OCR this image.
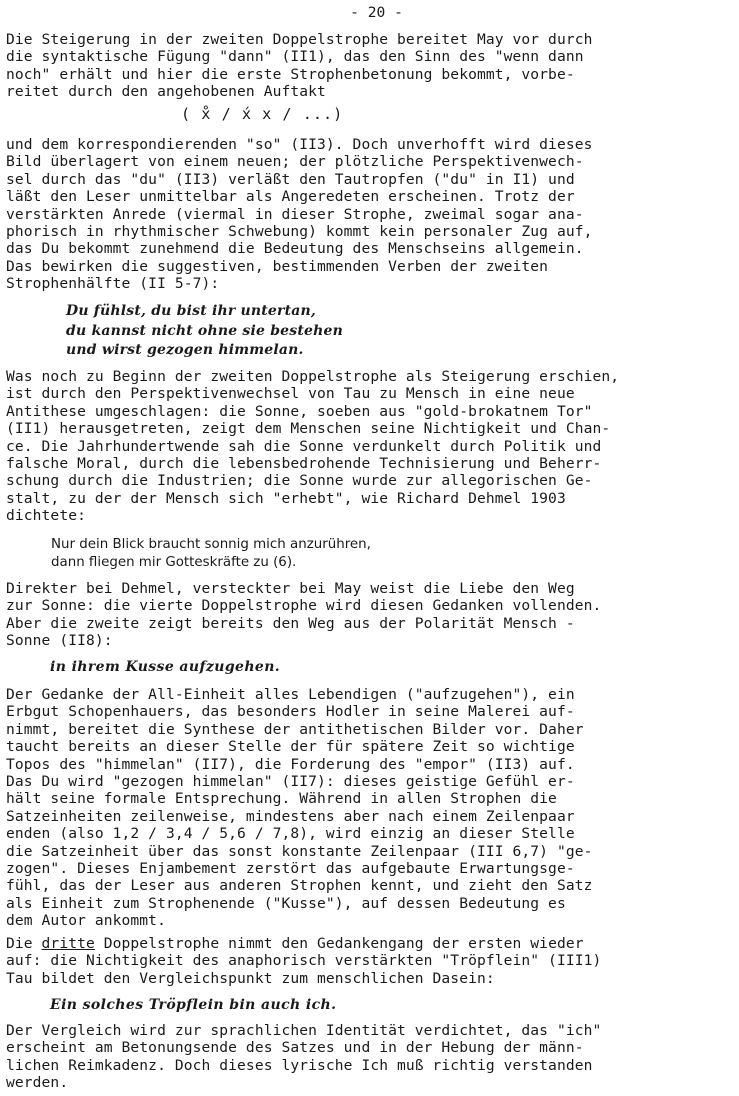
- 20 -

Die Steigerung in der zweiten Doppelstrophe bereitet May vor durch
die syntaktische Fügung "dann" (II1), das den Sinn des "wenn dann
noch" erhält und hier die erste Strophenbetonung bekommt, vorbe-
reitet durch den angehobenen Auftakt

( x̊ / x́ x / ...)

und dem korrespondierenden "so" (II3). Doch unverhofft wird dieses
Bild überlagert von einem neuen; der plötzliche Perspektivenwech-
sel durch das "du" (II3) verläßt den Tautropfen ("du" in I1) und
läßt den Leser unmittelbar als Angeredeten erscheinen. Trotz der
verstärkten Anrede (viermal in dieser Strophe, zweimal sogar ana-
phorisch in rhythmischer Schwebung) kommt kein personaler Zug auf,
das Du bekommt zunehmend die Bedeutung des Menschseins allgemein.
Das bewirken die suggestiven, bestimmenden Verben der zweiten
Strophenhälfte (II 5-7):

Du fühlst, du bist ihr untertan,
du kannst nicht ohne sie bestehen
und wirst gezogen himmelan.

Was noch zu Beginn der zweiten Doppelstrophe als Steigerung erschien,
ist durch den Perspektivenwechsel von Tau zu Mensch in eine neue
Antithese umgeschlagen: die Sonne, soeben aus "gold-brokatnem Tor"
(II1) herausgetreten, zeigt dem Menschen seine Nichtigkeit und Chan-
ce. Die Jahrhundertwende sah die Sonne verdunkelt durch Politik und
falsche Moral, durch die lebensbedrohende Technisierung und Beherr-
schung durch die Industrien; die Sonne wurde zur allegorischen Ge-
stalt, zu der der Mensch sich "erhebt", wie Richard Dehmel 1903
dichtete:

Nur dein Blick braucht sonnig mich anzurühren,
dann fliegen mir Gotteskräfte zu (6).

Direkter bei Dehmel, versteckter bei May weist die Liebe den Weg
zur Sonne: die vierte Doppelstrophe wird diesen Gedanken vollenden.
Aber die zweite zeigt bereits den Weg aus der Polarität Mensch -
Sonne (II8):

in ihrem Kusse aufzugehen.

Der Gedanke der All-Einheit alles Lebendigen ("aufzugehen"), ein
Erbgut Schopenhauers, das besonders Hodler in seine Malerei auf-
nimmt, bereitet die Synthese der antithetischen Bilder vor. Daher
taucht bereits an dieser Stelle der für spätere Zeit so wichtige
Topos des "himmelan" (II7), die Forderung des "empor" (II3) auf.
Das Du wird "gezogen himmelan" (II7): dieses geistige Gefühl er-
hält seine formale Entsprechung. Während in allen Strophen die
Satzeinheiten zeilenweise, mindestens aber nach einem Zeilenpaar
enden (also 1,2 / 3,4 / 5,6 / 7,8), wird einzig an dieser Stelle
die Satzeinheit über das sonst konstante Zeilenpaar (III 6,7) "ge-
zogen". Dieses Enjambement zerstört das aufgebaute Erwartungsge-
fühl, das der Leser aus anderen Strophen kennt, und zieht den Satz
als Einheit zum Strophenende ("Kusse"), auf dessen Bedeutung es
dem Autor ankommt.

Die dritte Doppelstrophe nimmt den Gedankengang der ersten wieder
auf: die Nichtigkeit des anaphorisch verstärkten "Tröpflein" (III1)
Tau bildet den Vergleichspunkt zum menschlichen Dasein:

Ein solches Tröpflein bin auch ich.

Der Vergleich wird zur sprachlichen Identität verdichtet, das "ich"
erscheint am Betonungsende des Satzes und in der Hebung der männ-
lichen Reimkadenz. Doch dieses lyrische Ich muß richtig verstanden
werden.
